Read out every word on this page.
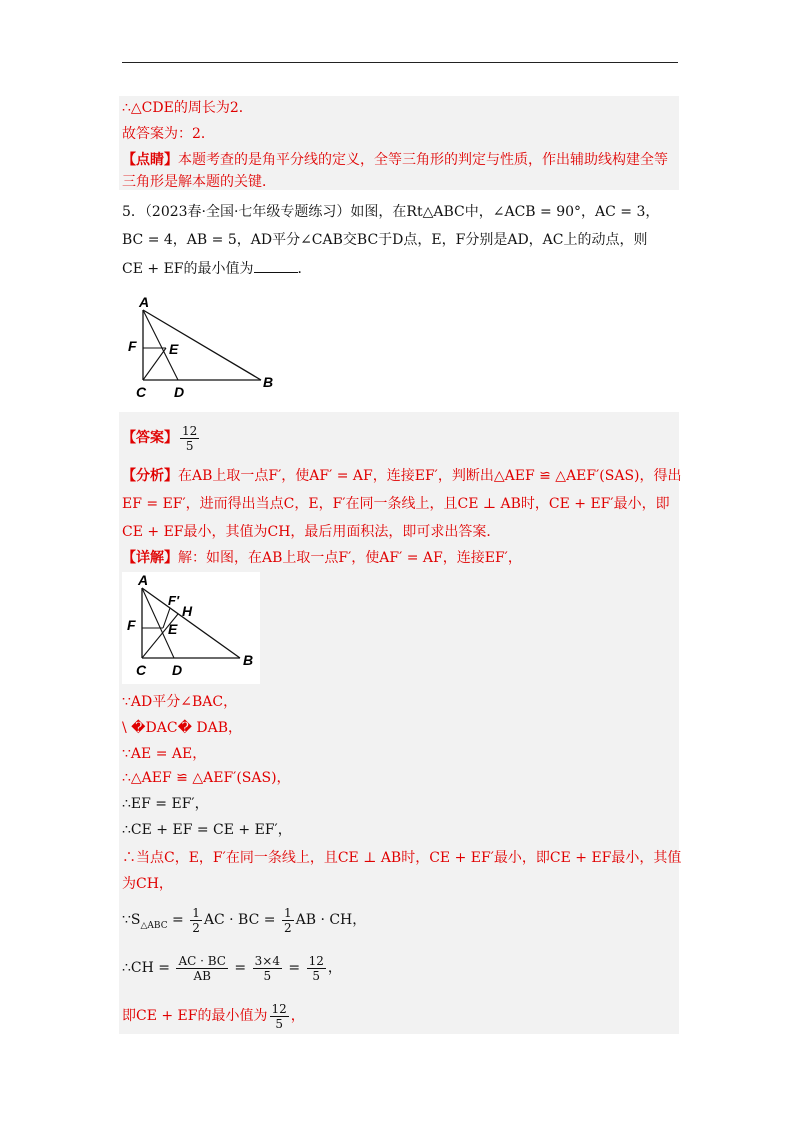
∴△CDE的周长为2．
故答案为：2．
【点睛】本题考查的是角平分线的定义，全等三角形的判定与性质，作出辅助线构建全等
三角形是解本题的关键．
5．（2023春·全国·七年级专题练习）如图，在Rt△ABC中，∠ACB = 90°，AC = 3，
BC = 4，AB = 5，AD平分∠CAB交BC于D点，E，F分别是AD，AC上的动点，则
CE + EF的最小值为	．
A
F E
C D
B
【答案】 $\frac{12}{5}$
【分析】在AB上取一点F′，使AF′ = AF，连接EF′，判断出△AEF ≌ △AEF′(SAS)，得出
EF = EF′，进而得出当点C，E，F′在同一条线上，且CE ⊥ AB时，CE + EF′最小，即
CE + EF最小，其值为CH，最后用面积法，即可求出答案．
【详解】解：如图，在AB上取一点F′，使AF′ = AF，连接EF′，
A
F′
H
F E
C D
B
∵AD平分∠BAC，
\ �DAC� DAB，
∵AE = AE，
∴△AEF ≌ △AEF′(SAS)，
∴EF = EF′，
∴CE + EF = CE + EF′，
∴当点C，E，F′在同一条线上，且CE ⊥ AB时，CE + EF′最小，即CE + EF最小，其值
为CH，
$\because S_{\triangle ABC} = \frac{1}{2}$ AC · BC = $\frac{1}{2}$ AB · CH，
∴CH = $\frac{AC \cdot BC}{AB} = \frac{3\times 4}{5} = \frac{12}{5}$ ，
即CE + EF的最小值为 $\frac{12}{5}$ ，
